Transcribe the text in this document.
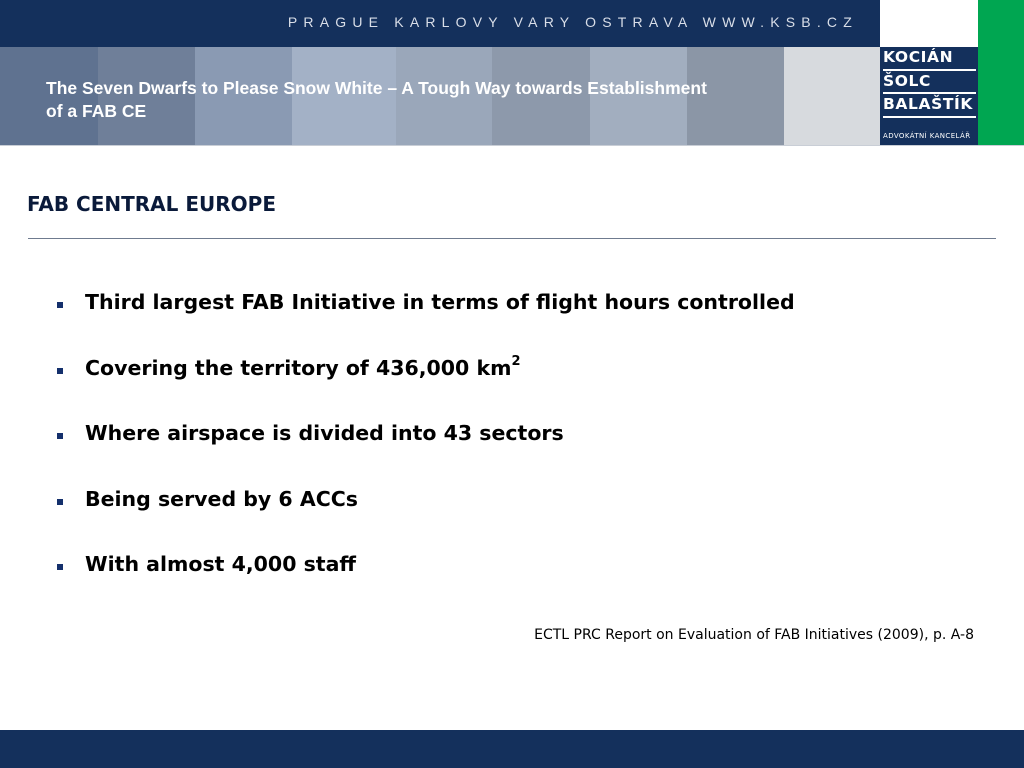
PRAGUE KARLOVY VARY OSTRAVA WWW.KSB.CZ
The Seven Dwarfs to Please Snow White – A Tough Way towards Establishment
of a FAB CE
KOCIÁN
ŠOLC
BALAŠTÍK
ADVOKÁTNÍ KANCELÁŘ
FAB CENTRAL EUROPE
Third largest FAB Initiative in terms of flight hours controlled
Covering the territory of 436,000 $km^2$
Where airspace is divided into 43 sectors
Being served by 6 ACCs
With almost 4,000 staff
ECTL PRC Report on Evaluation of FAB Initiatives (2009), p. A-8
